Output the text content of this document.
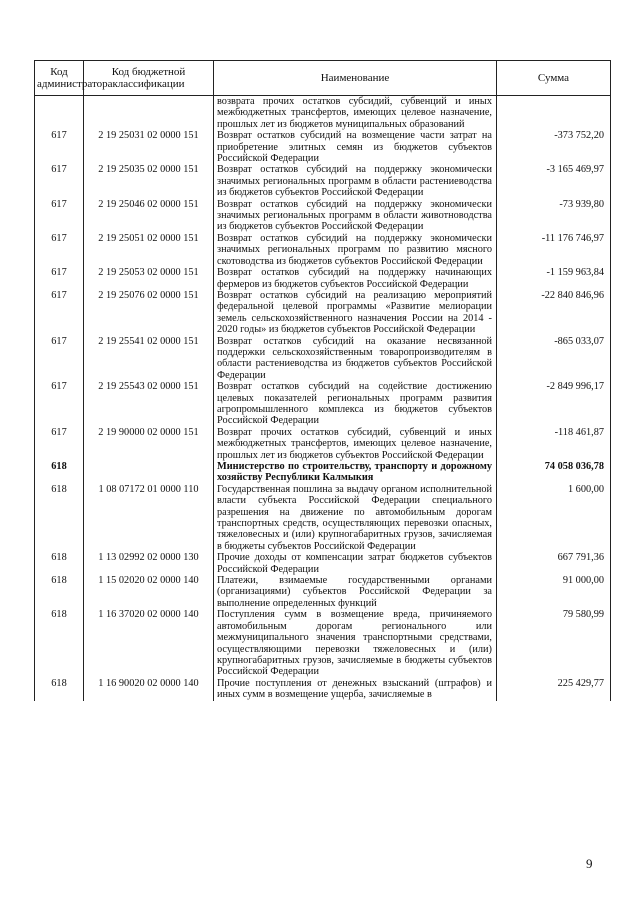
Код администратора	Код бюджетной классификации	Наименование	Сумма
		возврата прочих остатков субсидий, субвенций и иных межбюджетных трансфертов, имеющих целевое назначение, прошлых лет из бюджетов муниципальных образований	
617	2 19 25031 02 0000 151	Возврат остатков субсидий на возмещение части затрат на приобретение элитных семян из бюджетов субъектов Российской Федерации	-373 752,20
617	2 19 25035 02 0000 151	Возврат остатков субсидий на поддержку экономически значимых региональных программ в области растениеводства из бюджетов субъектов Российской Федерации	-3 165 469,97
617	2 19 25046 02 0000 151	Возврат остатков субсидий на поддержку экономически значимых региональных программ в области животноводства из бюджетов субъектов Российской Федерации	-73 939,80
617	2 19 25051 02 0000 151	Возврат остатков субсидий на поддержку экономически значимых региональных программ по развитию мясного скотоводства из бюджетов субъектов Российской Федерации	-11 176 746,97
617	2 19 25053 02 0000 151	Возврат остатков субсидий на поддержку начинающих фермеров из бюджетов субъектов Российской Федерации	-1 159 963,84
617	2 19 25076 02 0000 151	Возврат остатков субсидий на реализацию мероприятий федеральной целевой программы «Развитие мелиорации земель сельскохозяйственного назначения России на 2014 - 2020 годы» из бюджетов субъектов Российской Федерации	-22 840 846,96
617	2 19 25541 02 0000 151	Возврат остатков субсидий на оказание несвязанной поддержки сельскохозяйственным товаропроизводителям в области растениеводства из бюджетов субъектов Российской Федерации	-865 033,07
617	2 19 25543 02 0000 151	Возврат остатков субсидий на содействие достижению целевых показателей региональных программ развития агропромышленного комплекса из бюджетов субъектов Российской Федерации	-2 849 996,17
617	2 19 90000 02 0000 151	Возврат прочих остатков субсидий, субвенций и иных межбюджетных трансфертов, имеющих целевое назначение, прошлых лет из бюджетов субъектов Российской Федерации	-118 461,87
618		Министерство по строительству, транспорту и дорожному хозяйству Республики Калмыкия	74 058 036,78
618	1 08 07172 01 0000 110	Государственная пошлина за выдачу органом исполнительной власти субъекта Российской Федерации специального разрешения на движение по автомобильным дорогам транспортных средств, осуществляющих перевозки опасных, тяжеловесных и (или) крупногабаритных грузов, зачисляемая в бюджеты субъектов Российской Федерации	1 600,00
618	1 13 02992 02 0000 130	Прочие доходы от компенсации затрат бюджетов субъектов Российской Федерации	667 791,36
618	1 15 02020 02 0000 140	Платежи, взимаемые государственными органами (организациями) субъектов Российской Федерации за выполнение определенных функций	91 000,00
618	1 16 37020 02 0000 140	Поступления сумм в возмещение вреда, причиняемого автомобильным дорогам регионального или межмуниципального значения транспортными средствами, осуществляющими перевозки тяжеловесных и (или) крупногабаритных грузов, зачисляемые в бюджеты субъектов Российской Федерации	79 580,99
618	1 16 90020 02 0000 140	Прочие поступления от денежных взысканий (штрафов) и иных сумм в возмещение ущерба, зачисляемые в	225 429,77
9
